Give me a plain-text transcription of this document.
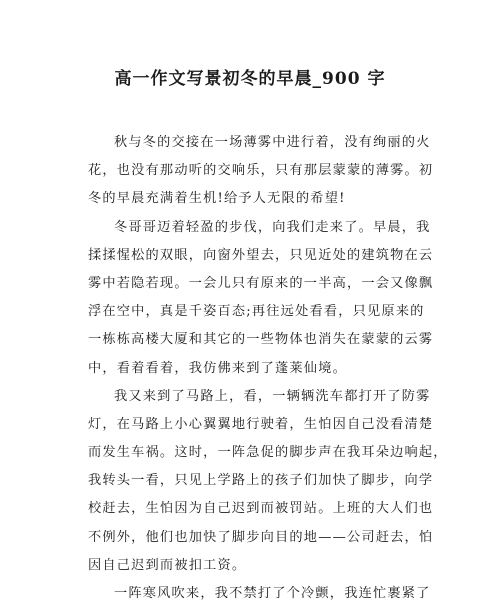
高一作文写景初冬的早晨_900 字
秋与冬的交接在一场薄雾中进行着，没有绚丽的火
花，也没有那动听的交响乐，只有那层蒙蒙的薄雾。初
冬的早晨充满着生机!给予人无限的希望!
冬哥哥迈着轻盈的步伐，向我们走来了。早晨，我
揉揉惺松的双眼，向窗外望去，只见近处的建筑物在云
雾中若隐若现。一会儿只有原来的一半高，一会又像飘
浮在空中，真是千姿百态;再往远处看看，只见原来的
一栋栋高楼大厦和其它的一些物体也消失在蒙蒙的云雾
中，看着看着，我仿佛来到了蓬莱仙境。
我又来到了马路上，看，一辆辆洗车都打开了防雾
灯，在马路上小心翼翼地行驶着，生怕因自己没看清楚
而发生车祸。这时，一阵急促的脚步声在我耳朵边响起，
我转头一看，只见上学路上的孩子们加快了脚步，向学
校赶去，生怕因为自己迟到而被罚站。上班的大人们也
不例外，他们也加快了脚步向目的地——公司赶去，怕
因自己迟到而被扣工资。
一阵寒风吹来，我不禁打了个冷颤，我连忙裹紧了
